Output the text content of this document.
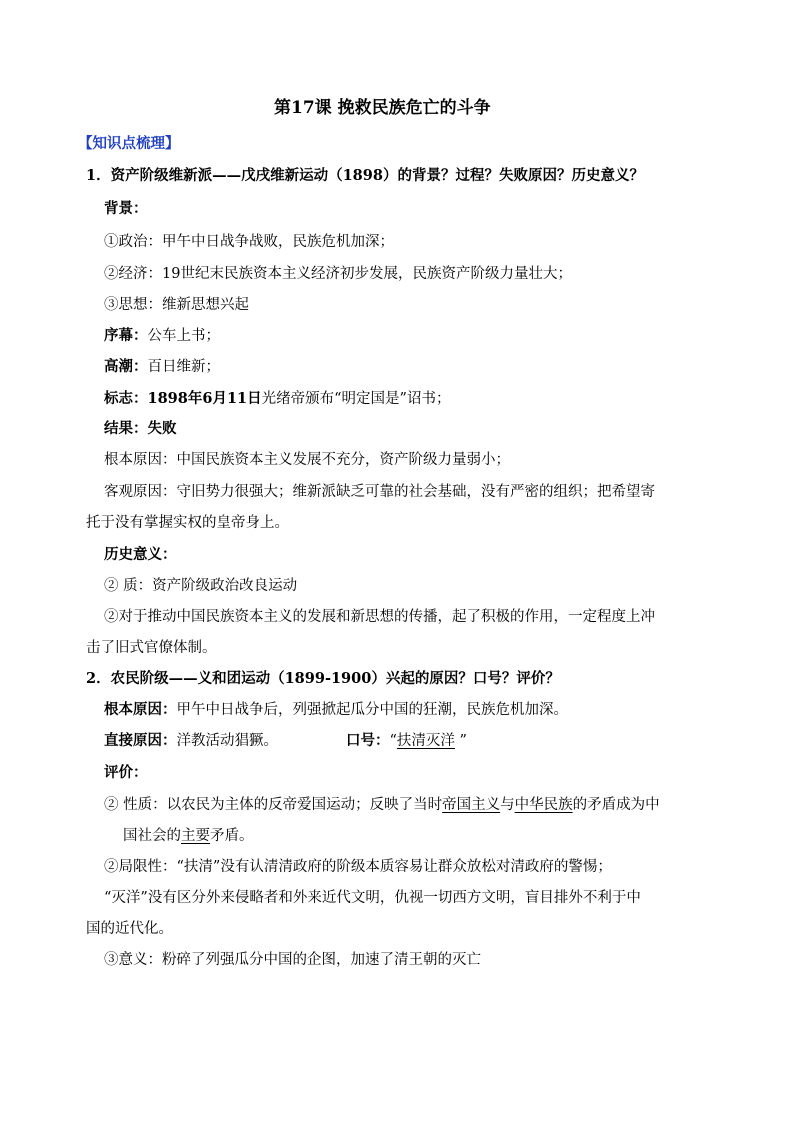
第17课 挽救民族危亡的斗争
【知识点梳理】
1．资产阶级维新派——戊戌维新运动（1898）的背景？过程？失败原因？历史意义？
背景：
①政治：甲午中日战争战败，民族危机加深；
②经济：19世纪末民族资本主义经济初步发展，民族资产阶级力量壮大；
③思想：维新思想兴起
序幕：公车上书；
高潮：百日维新；
标志：1898年6月11日光绪帝颁布“明定国是”诏书；
结果：失败
根本原因：中国民族资本主义发展不充分，资产阶级力量弱小；
客观原因：守旧势力很强大；维新派缺乏可靠的社会基础，没有严密的组织；把希望寄
托于没有掌握实权的皇帝身上。
历史意义：
② 质：资产阶级政治改良运动
②对于推动中国民族资本主义的发展和新思想的传播，起了积极的作用，一定程度上冲
击了旧式官僚体制。
2．农民阶级——义和团运动（1899-1900）兴起的原因？口号？评价？
根本原因：甲午中日战争后，列强掀起瓜分中国的狂潮，民族危机加深。
直接原因：洋教活动猖獗。	口号：“扶清灭洋 ”
评价：
② 性质：以农民为主体的反帝爱国运动；反映了当时帝国主义与中华民族的矛盾成为中
国社会的主要矛盾。
②局限性：“扶清”没有认清清政府的阶级本质容易让群众放松对清政府的警惕；
“灭洋”没有区分外来侵略者和外来近代文明，仇视一切西方文明，盲目排外不利于中
国的近代化。
③意义：粉碎了列强瓜分中国的企图，加速了清王朝的灭亡
